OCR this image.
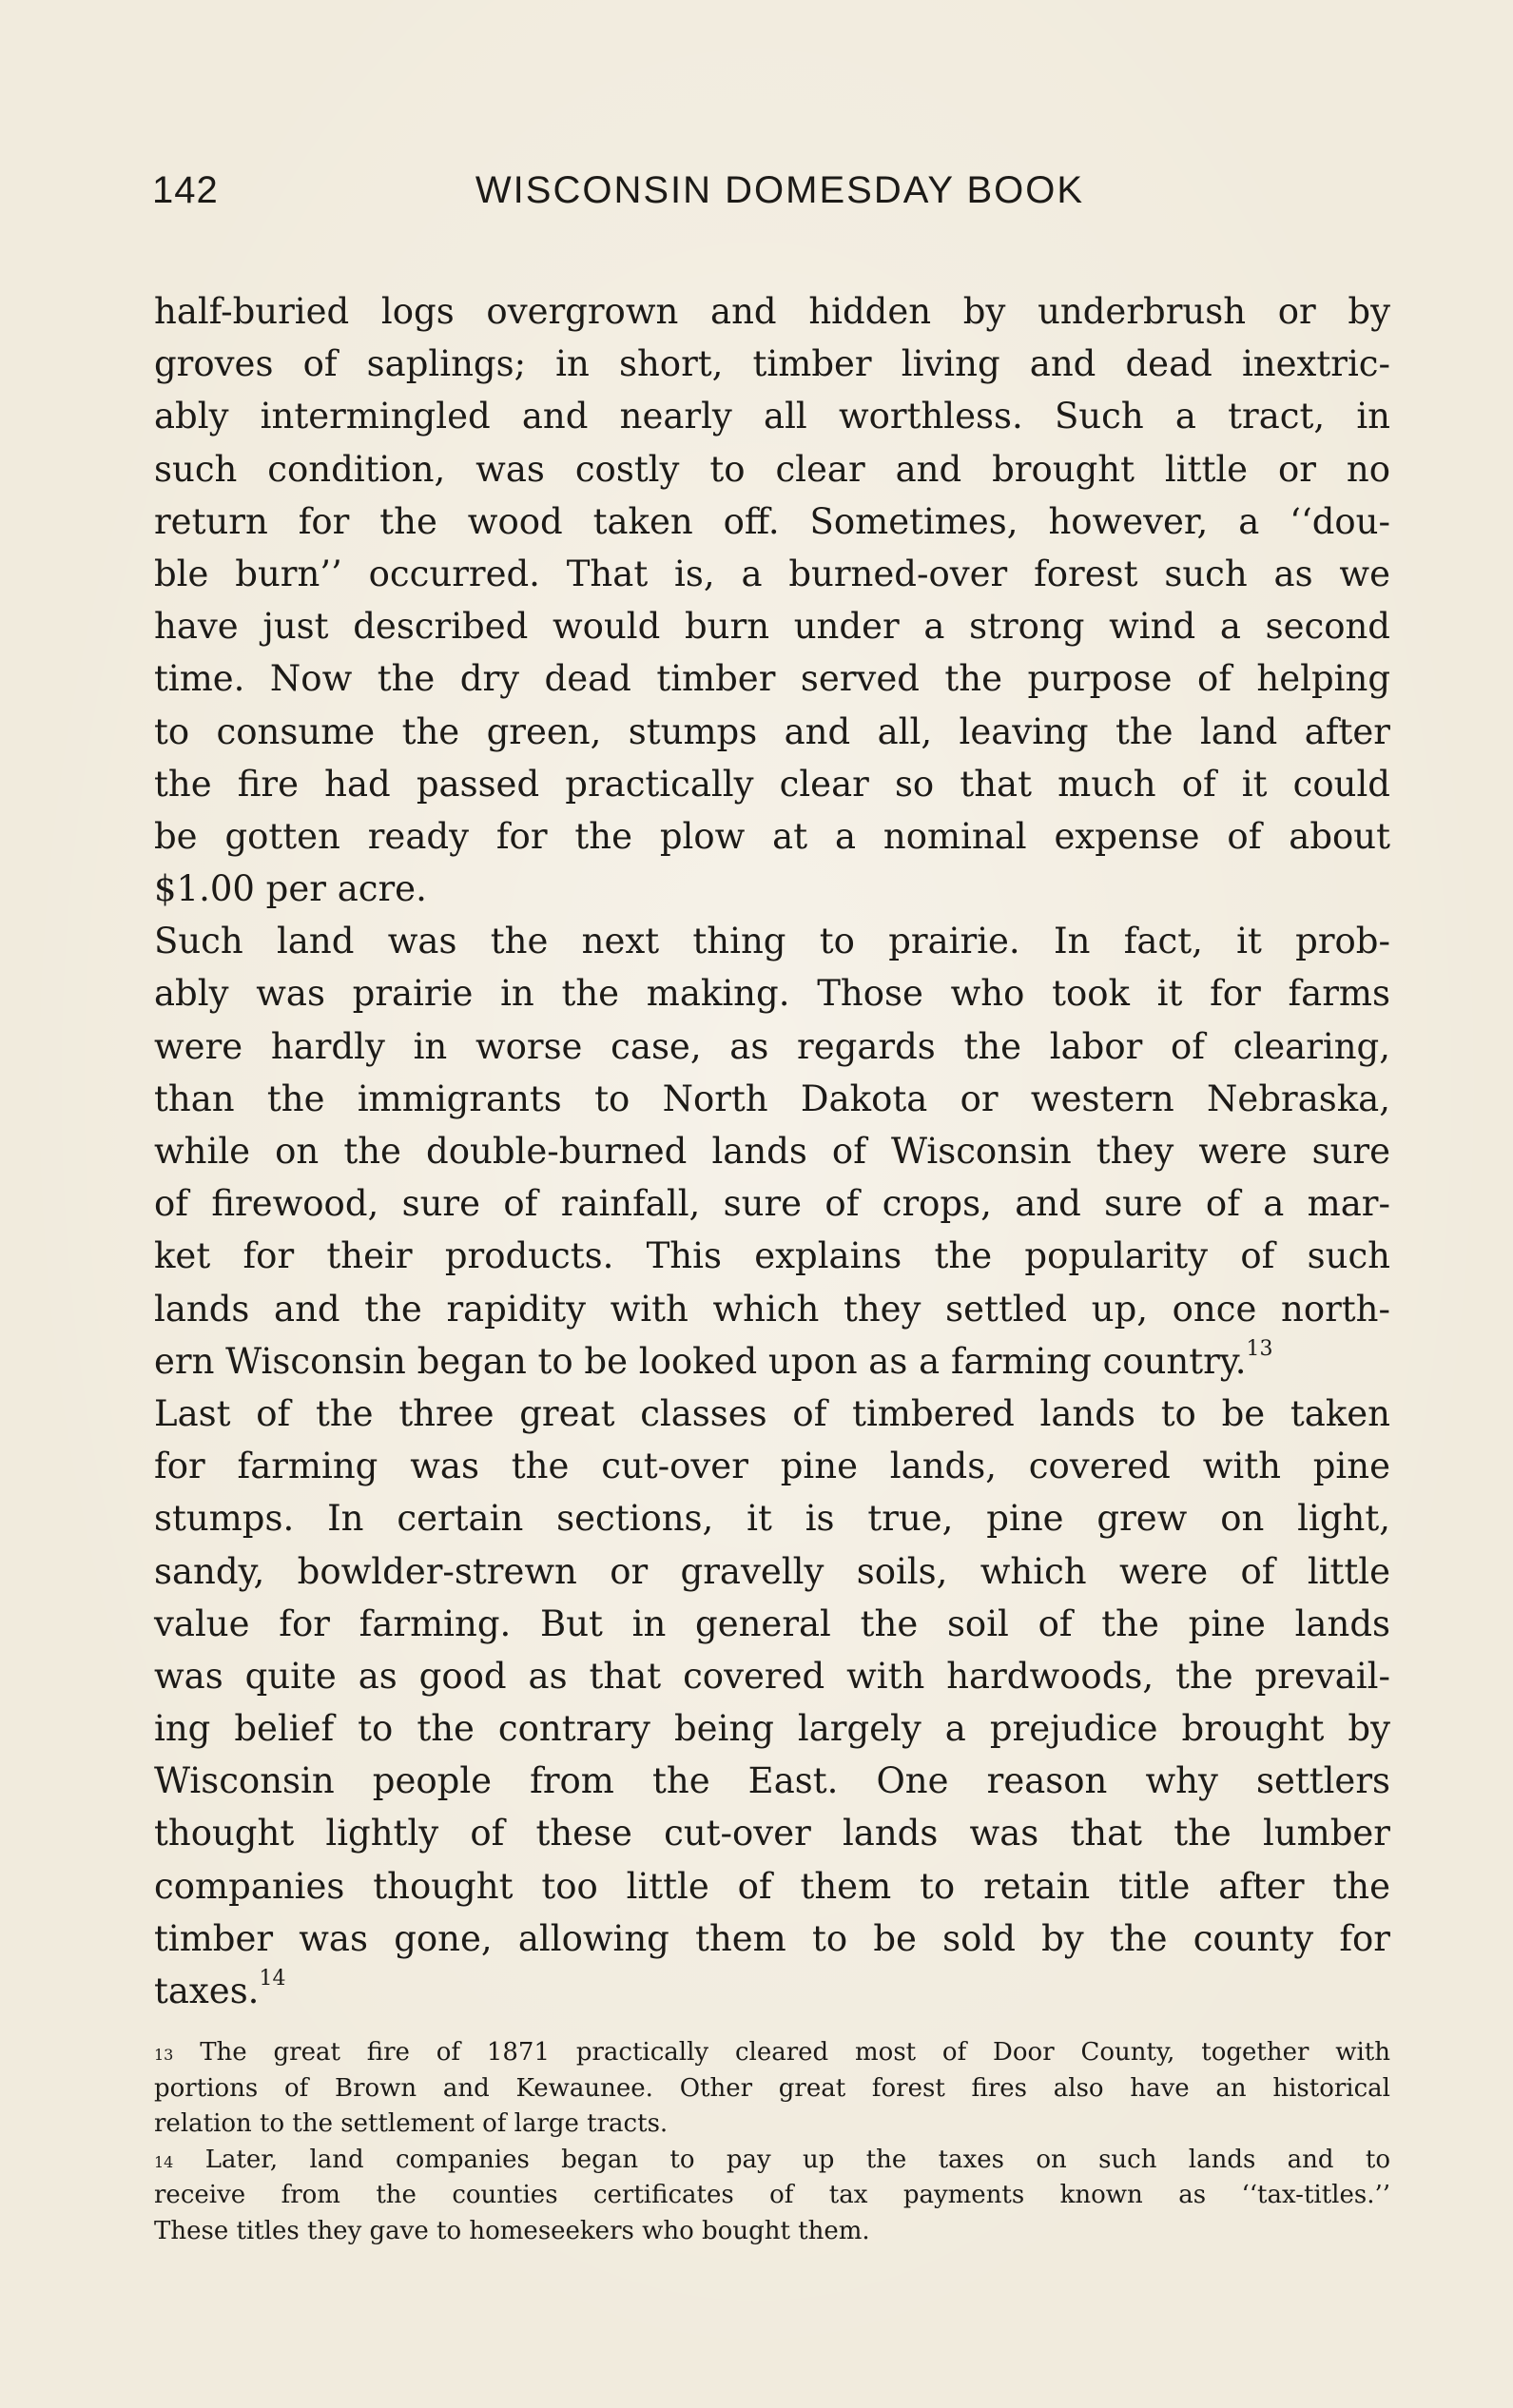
142	WISCONSIN DOMESDAY BOOK
half-buried logs overgrown and hidden by underbrush or by
groves of saplings; in short, timber living and dead inextric-
ably intermingled and nearly all worthless. Such a tract, in
such condition, was costly to clear and brought little or no
return for the wood taken off. Sometimes, however, a ‘‘dou-
ble burn’’ occurred. That is, a burned-over forest such as we
have just described would burn under a strong wind a second
time. Now the dry dead timber served the purpose of helping
to consume the green, stumps and all, leaving the land after
the fire had passed practically clear so that much of it could
be gotten ready for the plow at a nominal expense of about
$1.00 per acre.
Such land was the next thing to prairie. In fact, it prob-
ably was prairie in the making. Those who took it for farms
were hardly in worse case, as regards the labor of clearing,
than the immigrants to North Dakota or western Nebraska,
while on the double-burned lands of Wisconsin they were sure
of firewood, sure of rainfall, sure of crops, and sure of a mar-
ket for their products. This explains the popularity of such
lands and the rapidity with which they settled up, once north-
ern Wisconsin began to be looked upon as a farming country.$^{13}$
Last of the three great classes of timbered lands to be taken
for farming was the cut-over pine lands, covered with pine
stumps. In certain sections, it is true, pine grew on light,
sandy, bowlder-strewn or gravelly soils, which were of little
value for farming. But in general the soil of the pine lands
was quite as good as that covered with hardwoods, the prevail-
ing belief to the contrary being largely a prejudice brought by
Wisconsin people from the East. One reason why settlers
thought lightly of these cut-over lands was that the lumber
companies thought too little of them to retain title after the
timber was gone, allowing them to be sold by the county for
taxes.$^{14}$
$^{13}$ The great fire of 1871 practically cleared most of Door County, together with
portions of Brown and Kewaunee. Other great forest fires also have an historical
relation to the settlement of large tracts.
$^{14}$ Later, land companies began to pay up the taxes on such lands and to
receive from the counties certificates of tax payments known as ‘‘tax-titles.’’
These titles they gave to homeseekers who bought them.
